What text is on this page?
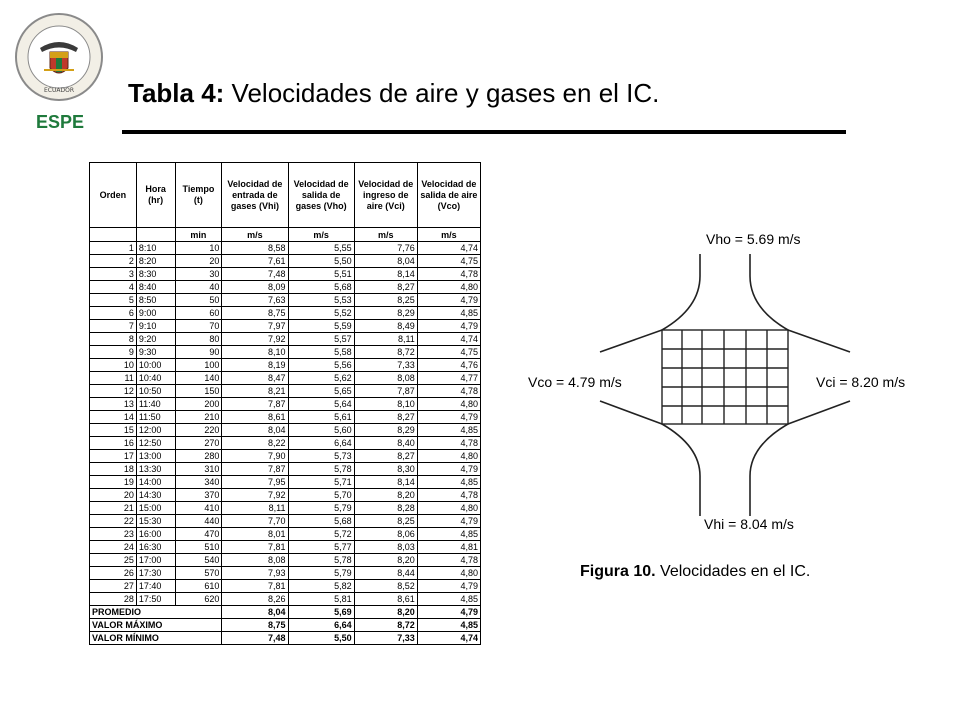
ECUADOR
ESPE
Tabla 4: Velocidades de aire y gases en el IC.
Orden	Hora (hr)	Tiempo (t)	Velocidad de entrada de gases (Vhi)	Velocidad de salida de gases (Vho)	Velocidad de ingreso de aire (Vci)	Velocidad de salida de aire (Vco)
		min	m/s	m/s	m/s	m/s
1	8:10	10	8,58	5,55	7,76	4,74
2	8:20	20	7,61	5,50	8,04	4,75
3	8:30	30	7,48	5,51	8,14	4,78
4	8:40	40	8,09	5,68	8,27	4,80
5	8:50	50	7,63	5,53	8,25	4,79
6	9:00	60	8,75	5,52	8,29	4,85
7	9:10	70	7,97	5,59	8,49	4,79
8	9:20	80	7,92	5,57	8,11	4,74
9	9:30	90	8,10	5,58	8,72	4,75
10	10:00	100	8,19	5,56	7,33	4,76
11	10:40	140	8,47	5,62	8,08	4,77
12	10:50	150	8,21	5,65	7,87	4,78
13	11:40	200	7,87	5,64	8,10	4,80
14	11:50	210	8,61	5,61	8,27	4,79
15	12:00	220	8,04	5,60	8,29	4,85
16	12:50	270	8,22	6,64	8,40	4,78
17	13:00	280	7,90	5,73	8,27	4,80
18	13:30	310	7,87	5,78	8,30	4,79
19	14:00	340	7,95	5,71	8,14	4,85
20	14:30	370	7,92	5,70	8,20	4,78
21	15:00	410	8,11	5,79	8,28	4,80
22	15:30	440	7,70	5,68	8,25	4,79
23	16:00	470	8,01	5,72	8,06	4,85
24	16:30	510	7,81	5,77	8,03	4,81
25	17:00	540	8,08	5,78	8,20	4,78
26	17:30	570	7,93	5,79	8,44	4,80
27	17:40	610	7,81	5,82	8,52	4,79
28	17:50	620	8,26	5,81	8,61	4,85
PROMEDIO			8,04	5,69	8,20	4,79
VALOR MÁXIMO			8,75	6,64	8,72	4,85
VALOR MÍNIMO			7,48	5,50	7,33	4,74
Vho = 5.69 m/s
Vco = 4.79 m/s	Vci = 8.20 m/s
Vhi = 8.04 m/s
Figura 10. Velocidades en el IC.
